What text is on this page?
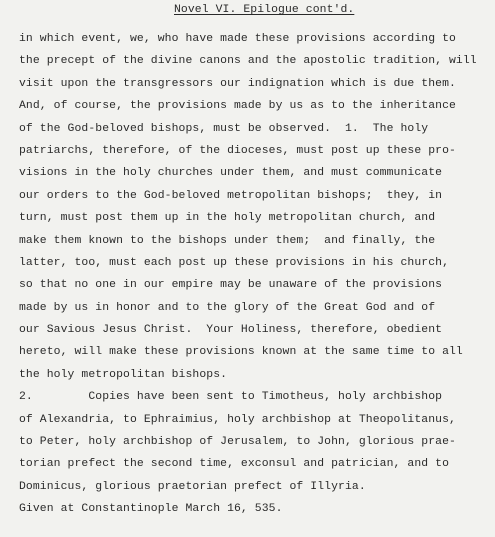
Novel VI. Epilogue cont'd.
in which event, we, who have made these provisions according to
the precept of the divine canons and the apostolic tradition, will
visit upon the transgressors our indignation which is due them.
And, of course, the provisions made by us as to the inheritance
of the God-beloved bishops, must be observed.  1.  The holy
patriarchs, therefore, of the dioceses, must post up these pro-
visions in the holy churches under them, and must communicate
our orders to the God-beloved metropolitan bishops;  they, in
turn, must post them up in the holy metropolitan church, and
make them known to the bishops under them;  and finally, the
latter, too, must each post up these provisions in his church,
so that no one in our empire may be unaware of the provisions
made by us in honor and to the glory of the Great God and of
our Savious Jesus Christ.  Your Holiness, therefore, obedient
hereto, will make these provisions known at the same time to all
the holy metropolitan bishops.
2.        Copies have been sent to Timotheus, holy archbishop
of Alexandria, to Ephraimius, holy archbishop at Theopolitanus,
to Peter, holy archbishop of Jerusalem, to John, glorious prae-
torian prefect the second time, exconsul and patrician, and to
Dominicus, glorious praetorian prefect of Illyria.
Given at Constantinople March 16, 535.
